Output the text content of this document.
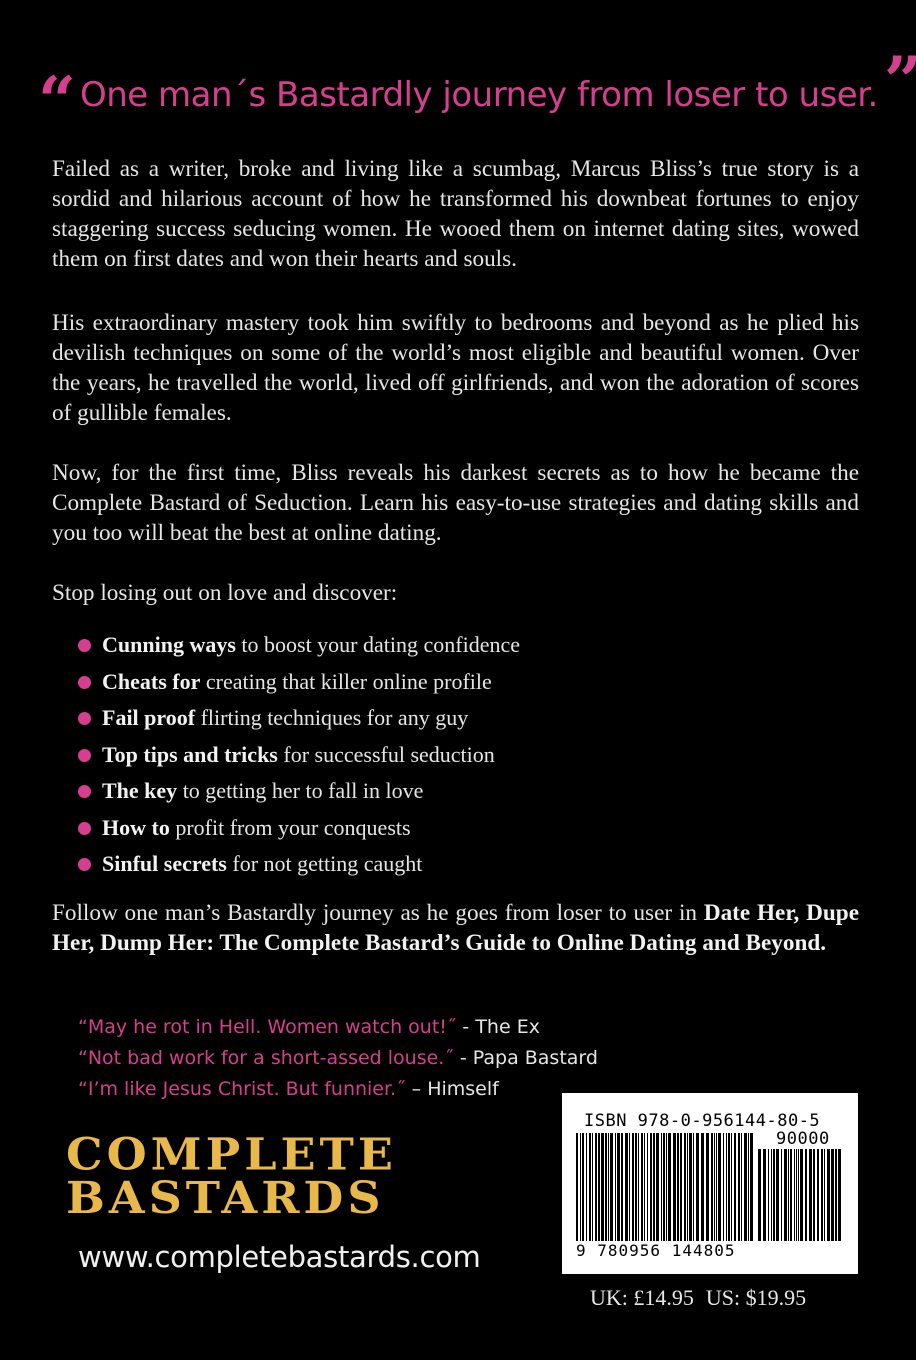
“ One man´s Bastardly journey from loser to user.”
Failed as a writer, broke and living like a scumbag, Marcus Bliss’s true story is a sordid and hilarious account of how he transformed his downbeat fortunes to enjoy staggering success seducing women. He wooed them on internet dating sites, wowed them on first dates and won their hearts and souls.
His extraordinary mastery took him swiftly to bedrooms and beyond as he plied his devilish techniques on some of the world’s most eligible and beautiful women. Over the years, he travelled the world, lived off girlfriends, and won the adoration of scores of gullible females.
Now, for the first time, Bliss reveals his darkest secrets as to how he became the Complete Bastard of Seduction. Learn his easy-to-use strategies and dating skills and you too will beat the best at online dating.
Stop losing out on love and discover:
Cunning ways to boost your dating confidence
Cheats for creating that killer online profile
Fail proof flirting techniques for any guy
Top tips and tricks for successful seduction
The key to getting her to fall in love
How to profit from your conquests
Sinful secrets for not getting caught
Follow one man’s Bastardly journey as he goes from loser to user in Date Her, Dupe Her, Dump Her: The Complete Bastard’s Guide to Online Dating and Beyond.
“May he rot in Hell. Women watch out!˝ - The Ex
“Not bad work for a short-assed louse.˝ - Papa Bastard
“I’m like Jesus Christ. But funnier.˝ – Himself
COMPLETE
BASTARDS
www.completebastards.com
ISBN 978-0-956144-80-5
90000
9 780956 144805
UK: £14.95 US: $19.95
